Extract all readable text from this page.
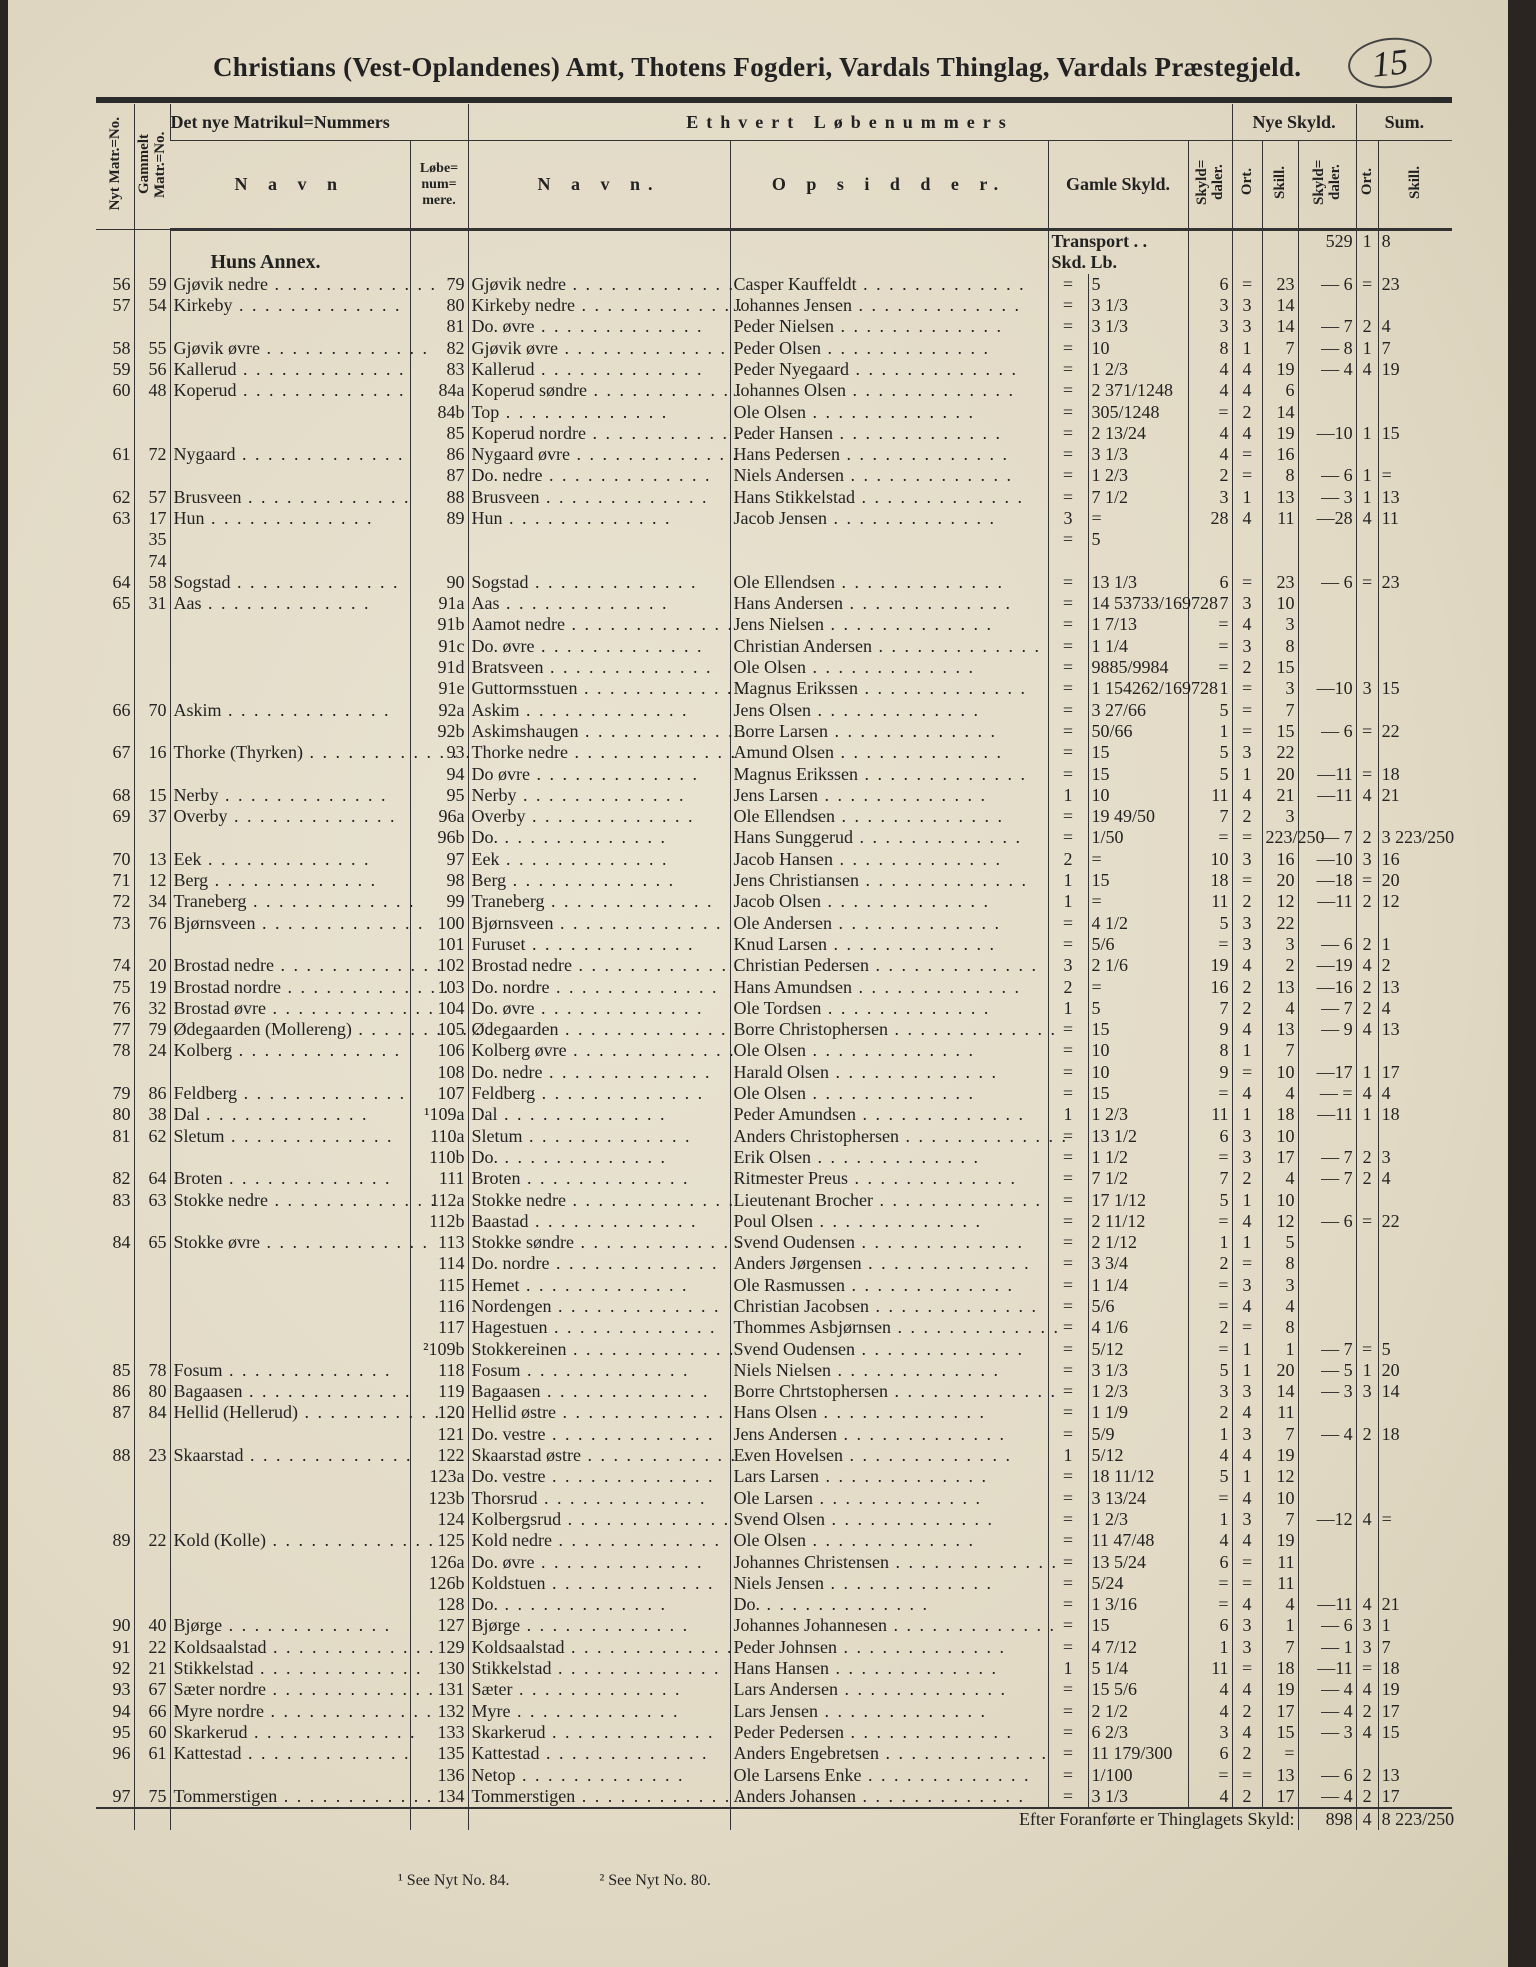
Christians (Vest-Oplandenes) Amt, Thotens Fogderi, Vardals Thinglag, Vardals Præstegjeld.	15
Nyt Matr.=No.	Gammelt Matr.=No.	Det nye Matrikul=Nummers		Ethvert Løbenummers					Nye Skyld.			Sum.	
		N a v n	Løbe= num= mere.	N a v n.	O p s i d d e r.	Gamle Skyld.		Skyld= daler.	Ort.	Skill.	Skyld= daler.	Ort.	Skill.
						Transport . .					529	1	8
		Huns Annex.				Skd. Lb.							
56	59	Gjøvik nedre . .	79	Gjøvik nedre . .	Casper Kauffeldt . .	=	5	6	=	23	— 6	=	23
57	54	Kirkeby . .	80	Kirkeby nedre . .	Johannes Jensen . .	=	3 1/3	3	3	14			
			81	Do. øvre . .	Peder Nielsen . .	=	3 1/3	3	3	14	— 7	2	4
58	55	Gjøvik øvre . .	82	Gjøvik øvre . .	Peder Olsen . .	=	10	8	1	7	— 8	1	7
59	56	Kallerud . .	83	Kallerud . .	Peder Nyegaard . .	=	1 2/3	4	4	19	— 4	4	19
60	48	Koperud . .	84a	Koperud søndre . .	Johannes Olsen . .	=	2 371/1248	4	4	6			
			84b	Top . .	Ole Olsen . .	=	305/1248	=	2	14			
			85	Koperud nordre . .	Peder Hansen . .	=	2 13/24	4	4	19	—10	1	15
61	72	Nygaard . .	86	Nygaard øvre . .	Hans Pedersen . .	=	3 1/3	4	=	16			
			87	Do. nedre . .	Niels Andersen . .	=	1 2/3	2	=	8	— 6	1	=
62	57	Brusveen . .	88	Brusveen . .	Hans Stikkelstad . .	=	7 1/2	3	1	13	— 3	1	13
63	17	Hun . .	89	Hun . .	Jacob Jensen . .	3	=	28	4	11	—28	4	11
	35					=	5						
	74												
64	58	Sogstad . .	90	Sogstad . .	Ole Ellendsen . .	=	13 1/3	6	=	23	— 6	=	23
65	31	Aas . .	91a	Aas . .	Hans Andersen . .	=	14 53733/169728	7	3	10			
			91b	Aamot nedre . .	Jens Nielsen . .	=	1 7/13	=	4	3			
			91c	Do. øvre . .	Christian Andersen . .	=	1 1/4	=	3	8			
			91d	Bratsveen . .	Ole Olsen . .	=	9885/9984	=	2	15			
			91e	Guttormsstuen . .	Magnus Erikssen . .	=	1 154262/169728	1	=	3	—10	3	15
66	70	Askim . .	92a	Askim . .	Jens Olsen . .	=	3 27/66	5	=	7			
			92b	Askimshaugen . .	Borre Larsen . .	=	50/66	1	=	15	— 6	=	22
67	16	Thorke (Thyrken) . .	93	Thorke nedre . .	Amund Olsen . .	=	15	5	3	22			
			94	Do øvre . .	Magnus Erikssen . .	=	15	5	1	20	—11	=	18
68	15	Nerby . .	95	Nerby . .	Jens Larsen . .	1	10	11	4	21	—11	4	21
69	37	Overby . .	96a	Overby . .	Ole Ellendsen . .	=	19 49/50	7	2	3			
			96b	Do. . .	Hans Sunggerud . .	=	1/50	=	=	223/250	— 7	2	3 223/250
70	13	Eek . .	97	Eek . .	Jacob Hansen . .	2	=	10	3	16	—10	3	16
71	12	Berg . .	98	Berg . .	Jens Christiansen . .	1	15	18	=	20	—18	=	20
72	34	Traneberg . .	99	Traneberg . .	Jacob Olsen . .	1	=	11	2	12	—11	2	12
73	76	Bjørnsveen . .	100	Bjørnsveen . .	Ole Andersen . .	=	4 1/2	5	3	22			
			101	Furuset . .	Knud Larsen . .	=	5/6	=	3	3	— 6	2	1
74	20	Brostad nedre . .	102	Brostad nedre . .	Christian Pedersen . .	3	2 1/6	19	4	2	—19	4	2
75	19	Brostad nordre . .	103	Do. nordre . .	Hans Amundsen . .	2	=	16	2	13	—16	2	13
76	32	Brostad øvre . .	104	Do. øvre . .	Ole Tordsen . .	1	5	7	2	4	— 7	2	4
77	79	Ødegaarden (Mollereng) . .	105	Ødegaarden . .	Borre Christophersen . .	=	15	9	4	13	— 9	4	13
78	24	Kolberg . .	106	Kolberg øvre . .	Ole Olsen . .	=	10	8	1	7			
			108	Do. nedre . .	Harald Olsen . .	=	10	9	=	10	—17	1	17
79	86	Feldberg . .	107	Feldberg . .	Ole Olsen . .	=	15	=	4	4	— =	4	4
80	38	Dal . .	¹109a	Dal . .	Peder Amundsen . .	1	1 2/3	11	1	18	—11	1	18
81	62	Sletum . .	110a	Sletum . .	Anders Christophersen . .	=	13 1/2	6	3	10			
			110b	Do. . .	Erik Olsen . .	=	1 1/2	=	3	17	— 7	2	3
82	64	Broten . .	111	Broten . .	Ritmester Preus . .	=	7 1/2	7	2	4	— 7	2	4
83	63	Stokke nedre . .	112a	Stokke nedre . .	Lieutenant Brocher . .	=	17 1/12	5	1	10			
			112b	Baastad . .	Poul Olsen . .	=	2 11/12	=	4	12	— 6	=	22
84	65	Stokke øvre . .	113	Stokke søndre . .	Svend Oudensen . .	=	2 1/12	1	1	5			
			114	Do. nordre . .	Anders Jørgensen . .	=	3 3/4	2	=	8			
			115	Hemet . .	Ole Rasmussen . .	=	1 1/4	=	3	3			
			116	Nordengen . .	Christian Jacobsen . .	=	5/6	=	4	4			
			117	Hagestuen . .	Thommes Asbjørnsen . .	=	4 1/6	2	=	8			
			²109b	Stokkereinen . .	Svend Oudensen . .	=	5/12	=	1	1	— 7	=	5
85	78	Fosum . .	118	Fosum . .	Niels Nielsen . .	=	3 1/3	5	1	20	— 5	1	20
86	80	Bagaasen . .	119	Bagaasen . .	Borre Chrtstophersen . .	=	1 2/3	3	3	14	— 3	3	14
87	84	Hellid (Hellerud) . .	120	Hellid østre . .	Hans Olsen . .	=	1 1/9	2	4	11			
			121	Do. vestre . .	Jens Andersen . .	=	5/9	1	3	7	— 4	2	18
88	23	Skaarstad . .	122	Skaarstad østre . .	Even Hovelsen . .	1	5/12	4	4	19			
			123a	Do. vestre . .	Lars Larsen . .	=	18 11/12	5	1	12			
			123b	Thorsrud . .	Ole Larsen . .	=	3 13/24	=	4	10			
			124	Kolbergsrud . .	Svend Olsen . .	=	1 2/3	1	3	7	—12	4	=
89	22	Kold (Kolle) . .	125	Kold nedre . .	Ole Olsen . .	=	11 47/48	4	4	19			
			126a	Do. øvre . .	Johannes Christensen . .	=	13 5/24	6	=	11			
			126b	Koldstuen . .	Niels Jensen . .	=	5/24	=	=	11			
			128	Do. . .	Do. . .	=	1 3/16	=	4	4	—11	4	21
90	40	Bjørge . .	127	Bjørge . .	Johannes Johannesen . .	=	15	6	3	1	— 6	3	1
91	22	Koldsaalstad . .	129	Koldsaalstad . .	Peder Johnsen . .	=	4 7/12	1	3	7	— 1	3	7
92	21	Stikkelstad . .	130	Stikkelstad . .	Hans Hansen . .	1	5 1/4	11	=	18	—11	=	18
93	67	Sæter nordre . .	131	Sæter . .	Lars Andersen . .	=	15 5/6	4	4	19	— 4	4	19
94	66	Myre nordre . .	132	Myre . .	Lars Jensen . .	=	2 1/2	4	2	17	— 4	2	17
95	60	Skarkerud . .	133	Skarkerud . .	Peder Pedersen . .	=	6 2/3	3	4	15	— 3	4	15
96	61	Kattestad . .	135	Kattestad . .	Anders Engebretsen . .	=	11 179/300	6	2	=			
			136	Netop . .	Ole Larsens Enke . .	=	1/100	=	=	13	— 6	2	13
97	75	Tommerstigen . .	134	Tommerstigen . .	Anders Johansen . .	=	3 1/3	4	2	17	— 4	2	17
					Efter Foranførte er Thinglagets Skyld:						898	4	8 223/250
¹ See Nyt No. 84.	² See Nyt No. 80.
